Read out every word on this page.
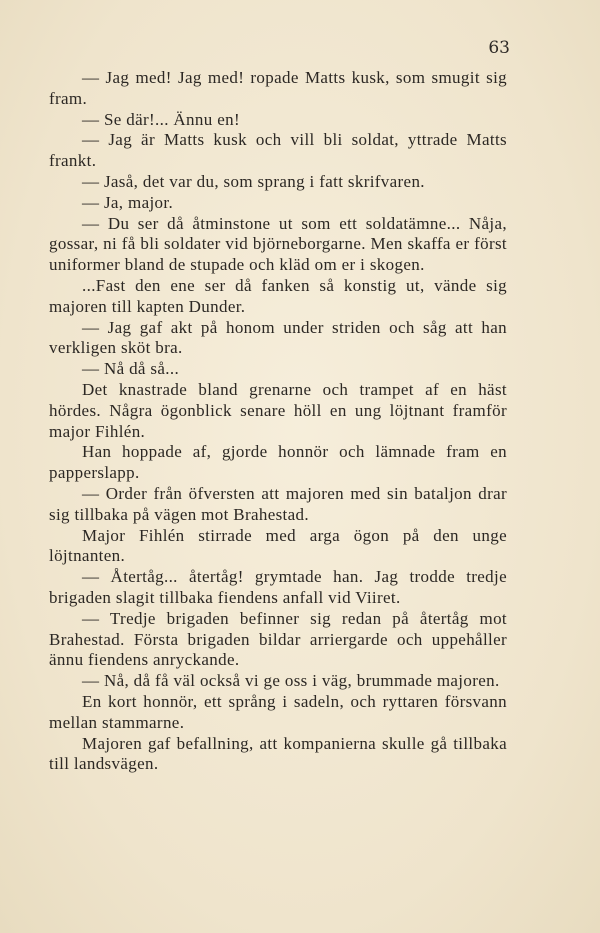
63

— Jag med! Jag med! ropade Matts kusk, som smugit sig fram.

— Se där!... Ännu en!

— Jag är Matts kusk och vill bli soldat, yttrade Matts frankt.

— Jaså, det var du, som sprang i fatt skrifvaren.

— Ja, major.

— Du ser då åtminstone ut som ett soldatämne... Nåja, gossar, ni få bli soldater vid björneborgarne. Men skaffa er först uniformer bland de stupade och kläd om er i skogen.

...Fast den ene ser då fanken så konstig ut, vände sig majoren till kapten Dunder.

— Jag gaf akt på honom under striden och såg att han verkligen sköt bra.

— Nå då så...

Det knastrade bland grenarne och trampet af en häst hördes. Några ögonblick senare höll en ung löjtnant framför major Fihlén.

Han hoppade af, gjorde honnör och lämnade fram en papperslapp.

— Order från öfversten att majoren med sin bataljon drar sig tillbaka på vägen mot Brahestad.

Major Fihlén stirrade med arga ögon på den unge löjtnanten.

— Återtåg... återtåg! grymtade han. Jag trodde tredje brigaden slagit tillbaka fiendens anfall vid Viiret.

— Tredje brigaden befinner sig redan på återtåg mot Brahestad. Första brigaden bildar arriergarde och uppehåller ännu fiendens anryckande.

— Nå, då få väl också vi ge oss i väg, brummade majoren.

En kort honnör, ett språng i sadeln, och ryttaren försvann mellan stammarne.

Majoren gaf befallning, att kompanierna skulle gå tillbaka till landsvägen.
